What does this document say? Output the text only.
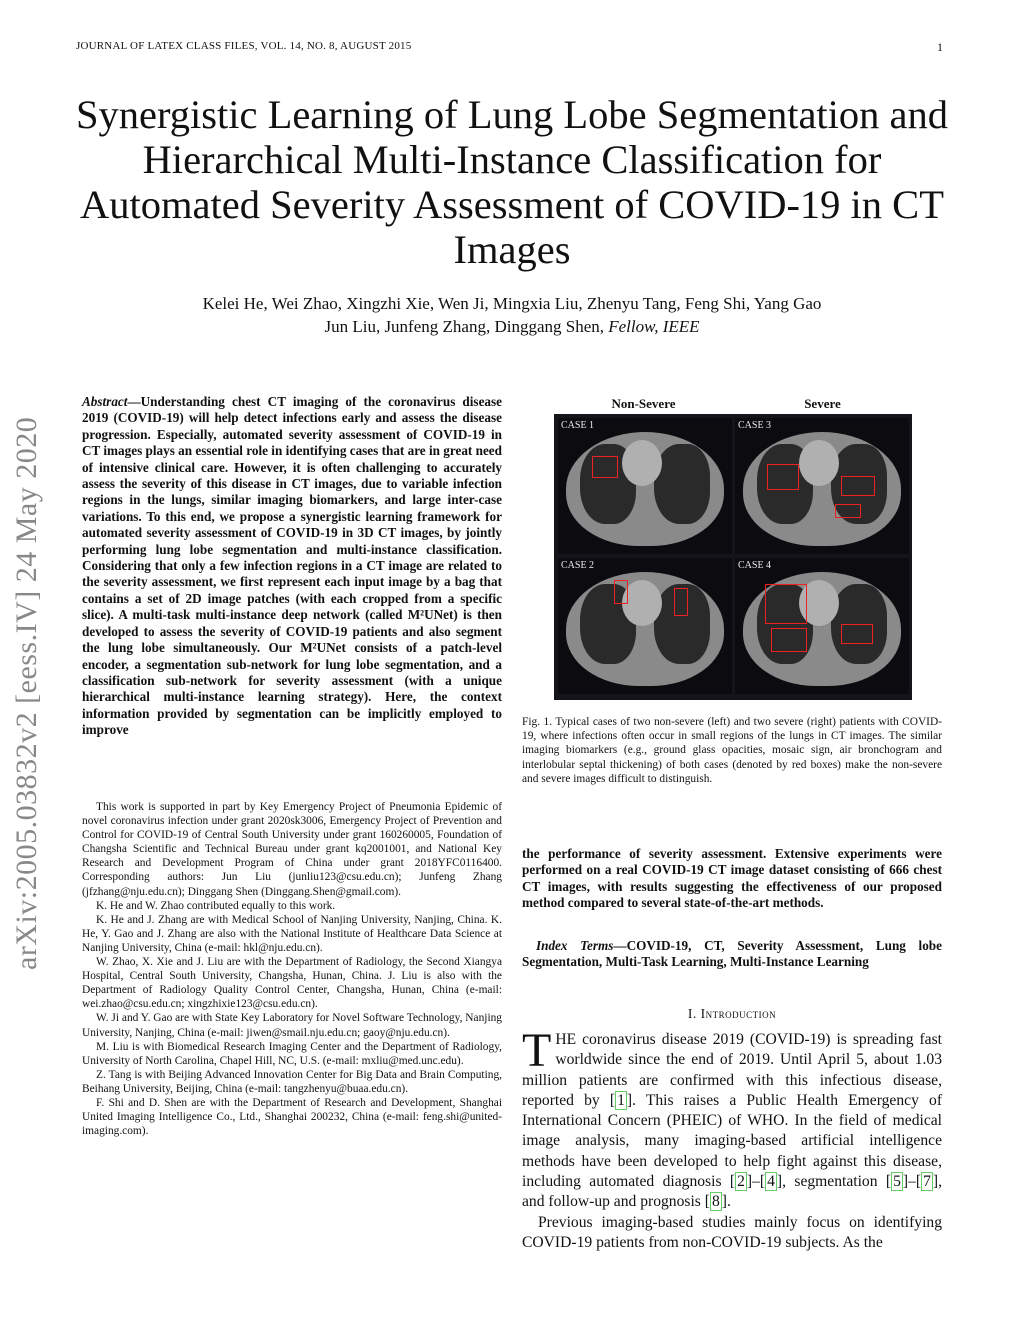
JOURNAL OF LATEX CLASS FILES, VOL. 14, NO. 8, AUGUST 2015	1
Synergistic Learning of Lung Lobe Segmentation and Hierarchical Multi-Instance Classification for Automated Severity Assessment of COVID-19 in CT Images
Kelei He, Wei Zhao, Xingzhi Xie, Wen Ji, Mingxia Liu, Zhenyu Tang, Feng Shi, Yang Gao
Jun Liu, Junfeng Zhang, Dinggang Shen, Fellow, IEEE
arXiv:2005.03832v2 [eess.IV] 24 May 2020
Abstract—Understanding chest CT imaging of the coronavirus disease 2019 (COVID-19) will help detect infections early and assess the disease progression. Especially, automated severity assessment of COVID-19 in CT images plays an essential role in identifying cases that are in great need of intensive clinical care. However, it is often challenging to accurately assess the severity of this disease in CT images, due to variable infection regions in the lungs, similar imaging biomarkers, and large inter-case variations. To this end, we propose a synergistic learning framework for automated severity assessment of COVID-19 in 3D CT images, by jointly performing lung lobe segmentation and multi-instance classification. Considering that only a few infection regions in a CT image are related to the severity assessment, we first represent each input image by a bag that contains a set of 2D image patches (with each cropped from a specific slice). A multi-task multi-instance deep network (called M²UNet) is then developed to assess the severity of COVID-19 patients and also segment the lung lobe simultaneously. Our M²UNet consists of a patch-level encoder, a segmentation sub-network for lung lobe segmentation, and a classification sub-network for severity assessment (with a unique hierarchical multi-instance learning strategy). Here, the context information provided by segmentation can be implicitly employed to improve

This work is supported in part by Key Emergency Project of Pneumonia Epidemic of novel coronavirus infection under grant 2020sk3006, Emergency Project of Prevention and Control for COVID-19 of Central South University under grant 160260005, Foundation of Changsha Scientific and Technical Bureau under grant kq2001001, and National Key Research and Development Program of China under grant 2018YFC0116400. Corresponding authors: Jun Liu (junliu123@csu.edu.cn); Junfeng Zhang (jfzhang@nju.edu.cn); Dinggang Shen (Dinggang.Shen@gmail.com).

K. He and W. Zhao contributed equally to this work.

K. He and J. Zhang are with Medical School of Nanjing University, Nanjing, China. K. He, Y. Gao and J. Zhang are also with the National Institute of Healthcare Data Science at Nanjing University, China (e-mail: hkl@nju.edu.cn).

W. Zhao, X. Xie and J. Liu are with the Department of Radiology, the Second Xiangya Hospital, Central South University, Changsha, Hunan, China. J. Liu is also with the Department of Radiology Quality Control Center, Changsha, Hunan, China (e-mail: wei.zhao@csu.edu.cn; xingzhixie123@csu.edu.cn).

W. Ji and Y. Gao are with State Key Laboratory for Novel Software Technology, Nanjing University, Nanjing, China (e-mail: jiwen@smail.nju.edu.cn; gaoy@nju.edu.cn).

M. Liu is with Biomedical Research Imaging Center and the Department of Radiology, University of North Carolina, Chapel Hill, NC, U.S. (e-mail: mxliu@med.unc.edu).

Z. Tang is with Beijing Advanced Innovation Center for Big Data and Brain Computing, Beihang University, Beijing, China (e-mail: tangzhenyu@buaa.edu.cn).

F. Shi and D. Shen are with the Department of Research and Development, Shanghai United Imaging Intelligence Co., Ltd., Shanghai 200232, China (e-mail: feng.shi@united-imaging.com).

Non-Severe	Severe
CASE 1	CASE 3
CASE 2	CASE 4
Fig. 1. Typical cases of two non-severe (left) and two severe (right) patients with COVID-19, where infections often occur in small regions of the lungs in CT images. The similar imaging biomarkers (e.g., ground glass opacities, mosaic sign, air bronchogram and interlobular septal thickening) of both cases (denoted by red boxes) make the non-severe and severe images difficult to distinguish.
the performance of severity assessment. Extensive experiments were performed on a real COVID-19 CT image dataset consisting of 666 chest CT images, with results suggesting the effectiveness of our proposed method compared to several state-of-the-art methods.
Index Terms—COVID-19, CT, Severity Assessment, Lung lobe Segmentation, Multi-Task Learning, Multi-Instance Learning
I. Introduction

THE coronavirus disease 2019 (COVID-19) is spreading fast worldwide since the end of 2019. Until April 5, about 1.03 million patients are confirmed with this infectious disease, reported by [ 1 ]. This raises a Public Health Emergency of International Concern (PHEIC) of WHO. In the field of medical image analysis, many imaging-based artificial intelligence methods have been developed to help fight against this disease, including automated diagnosis [ 2 ]–[ 4 ], segmentation [ 5 ]–[ 7 ], and follow-up and prognosis [ 8 ].

Previous imaging-based studies mainly focus on identifying COVID-19 patients from non-COVID-19 subjects. As the
